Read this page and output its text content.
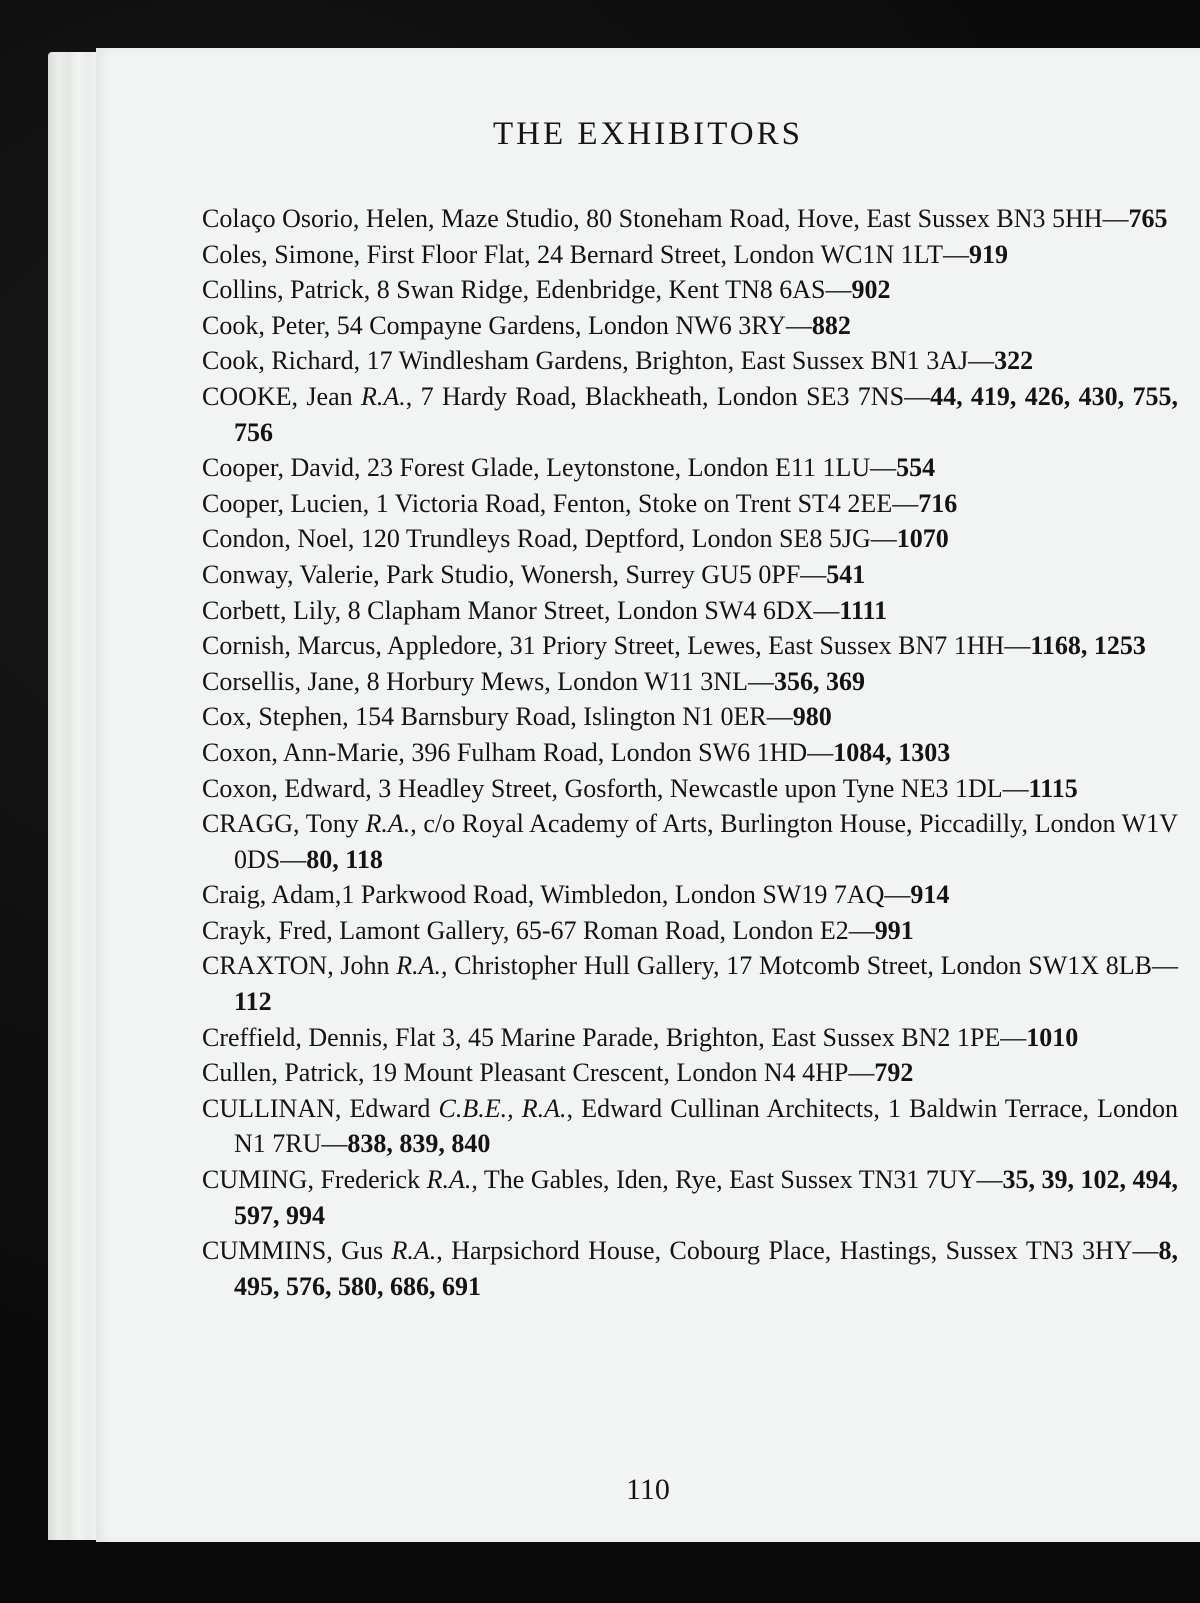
THE EXHIBITORS

Colaço Osorio, Helen, Maze Studio, 80 Stoneham Road, Hove, East Sussex BN3 5HH—765

Coles, Simone, First Floor Flat, 24 Bernard Street, London WC1N 1LT—919

Collins, Patrick, 8 Swan Ridge, Edenbridge, Kent TN8 6AS—902

Cook, Peter, 54 Compayne Gardens, London NW6 3RY—882

Cook, Richard, 17 Windlesham Gardens, Brighton, East Sussex BN1 3AJ—322

COOKE, Jean R.A., 7 Hardy Road, Blackheath, London SE3 7NS—44, 419, 426, 430, 755, 756

Cooper, David, 23 Forest Glade, Leytonstone, London E11 1LU—554

Cooper, Lucien, 1 Victoria Road, Fenton, Stoke on Trent ST4 2EE—716

Condon, Noel, 120 Trundleys Road, Deptford, London SE8 5JG—1070

Conway, Valerie, Park Studio, Wonersh, Surrey GU5 0PF—541

Corbett, Lily, 8 Clapham Manor Street, London SW4 6DX—1111

Cornish, Marcus, Appledore, 31 Priory Street, Lewes, East Sussex BN7 1HH—1168, 1253

Corsellis, Jane, 8 Horbury Mews, London W11 3NL—356, 369

Cox, Stephen, 154 Barnsbury Road, Islington N1 0ER—980

Coxon, Ann-Marie, 396 Fulham Road, London SW6 1HD—1084, 1303

Coxon, Edward, 3 Headley Street, Gosforth, Newcastle upon Tyne NE3 1DL—1115

CRAGG, Tony R.A., c/o Royal Academy of Arts, Burlington House, Piccadilly, London W1V 0DS—80, 118

Craig, Adam,1 Parkwood Road, Wimbledon, London SW19 7AQ—914

Crayk, Fred, Lamont Gallery, 65-67 Roman Road, London E2—991

CRAXTON, John R.A., Christopher Hull Gallery, 17 Motcomb Street, London SW1X 8LB—112

Creffield, Dennis, Flat 3, 45 Marine Parade, Brighton, East Sussex BN2 1PE—1010

Cullen, Patrick, 19 Mount Pleasant Crescent, London N4 4HP—792

CULLINAN, Edward C.B.E., R.A., Edward Cullinan Architects, 1 Baldwin Terrace, London N1 7RU—838, 839, 840

CUMING, Frederick R.A., The Gables, Iden, Rye, East Sussex TN31 7UY—35, 39, 102, 494, 597, 994

CUMMINS, Gus R.A., Harpsichord House, Cobourg Place, Hastings, Sussex TN3 3HY—8, 495, 576, 580, 686, 691

110
